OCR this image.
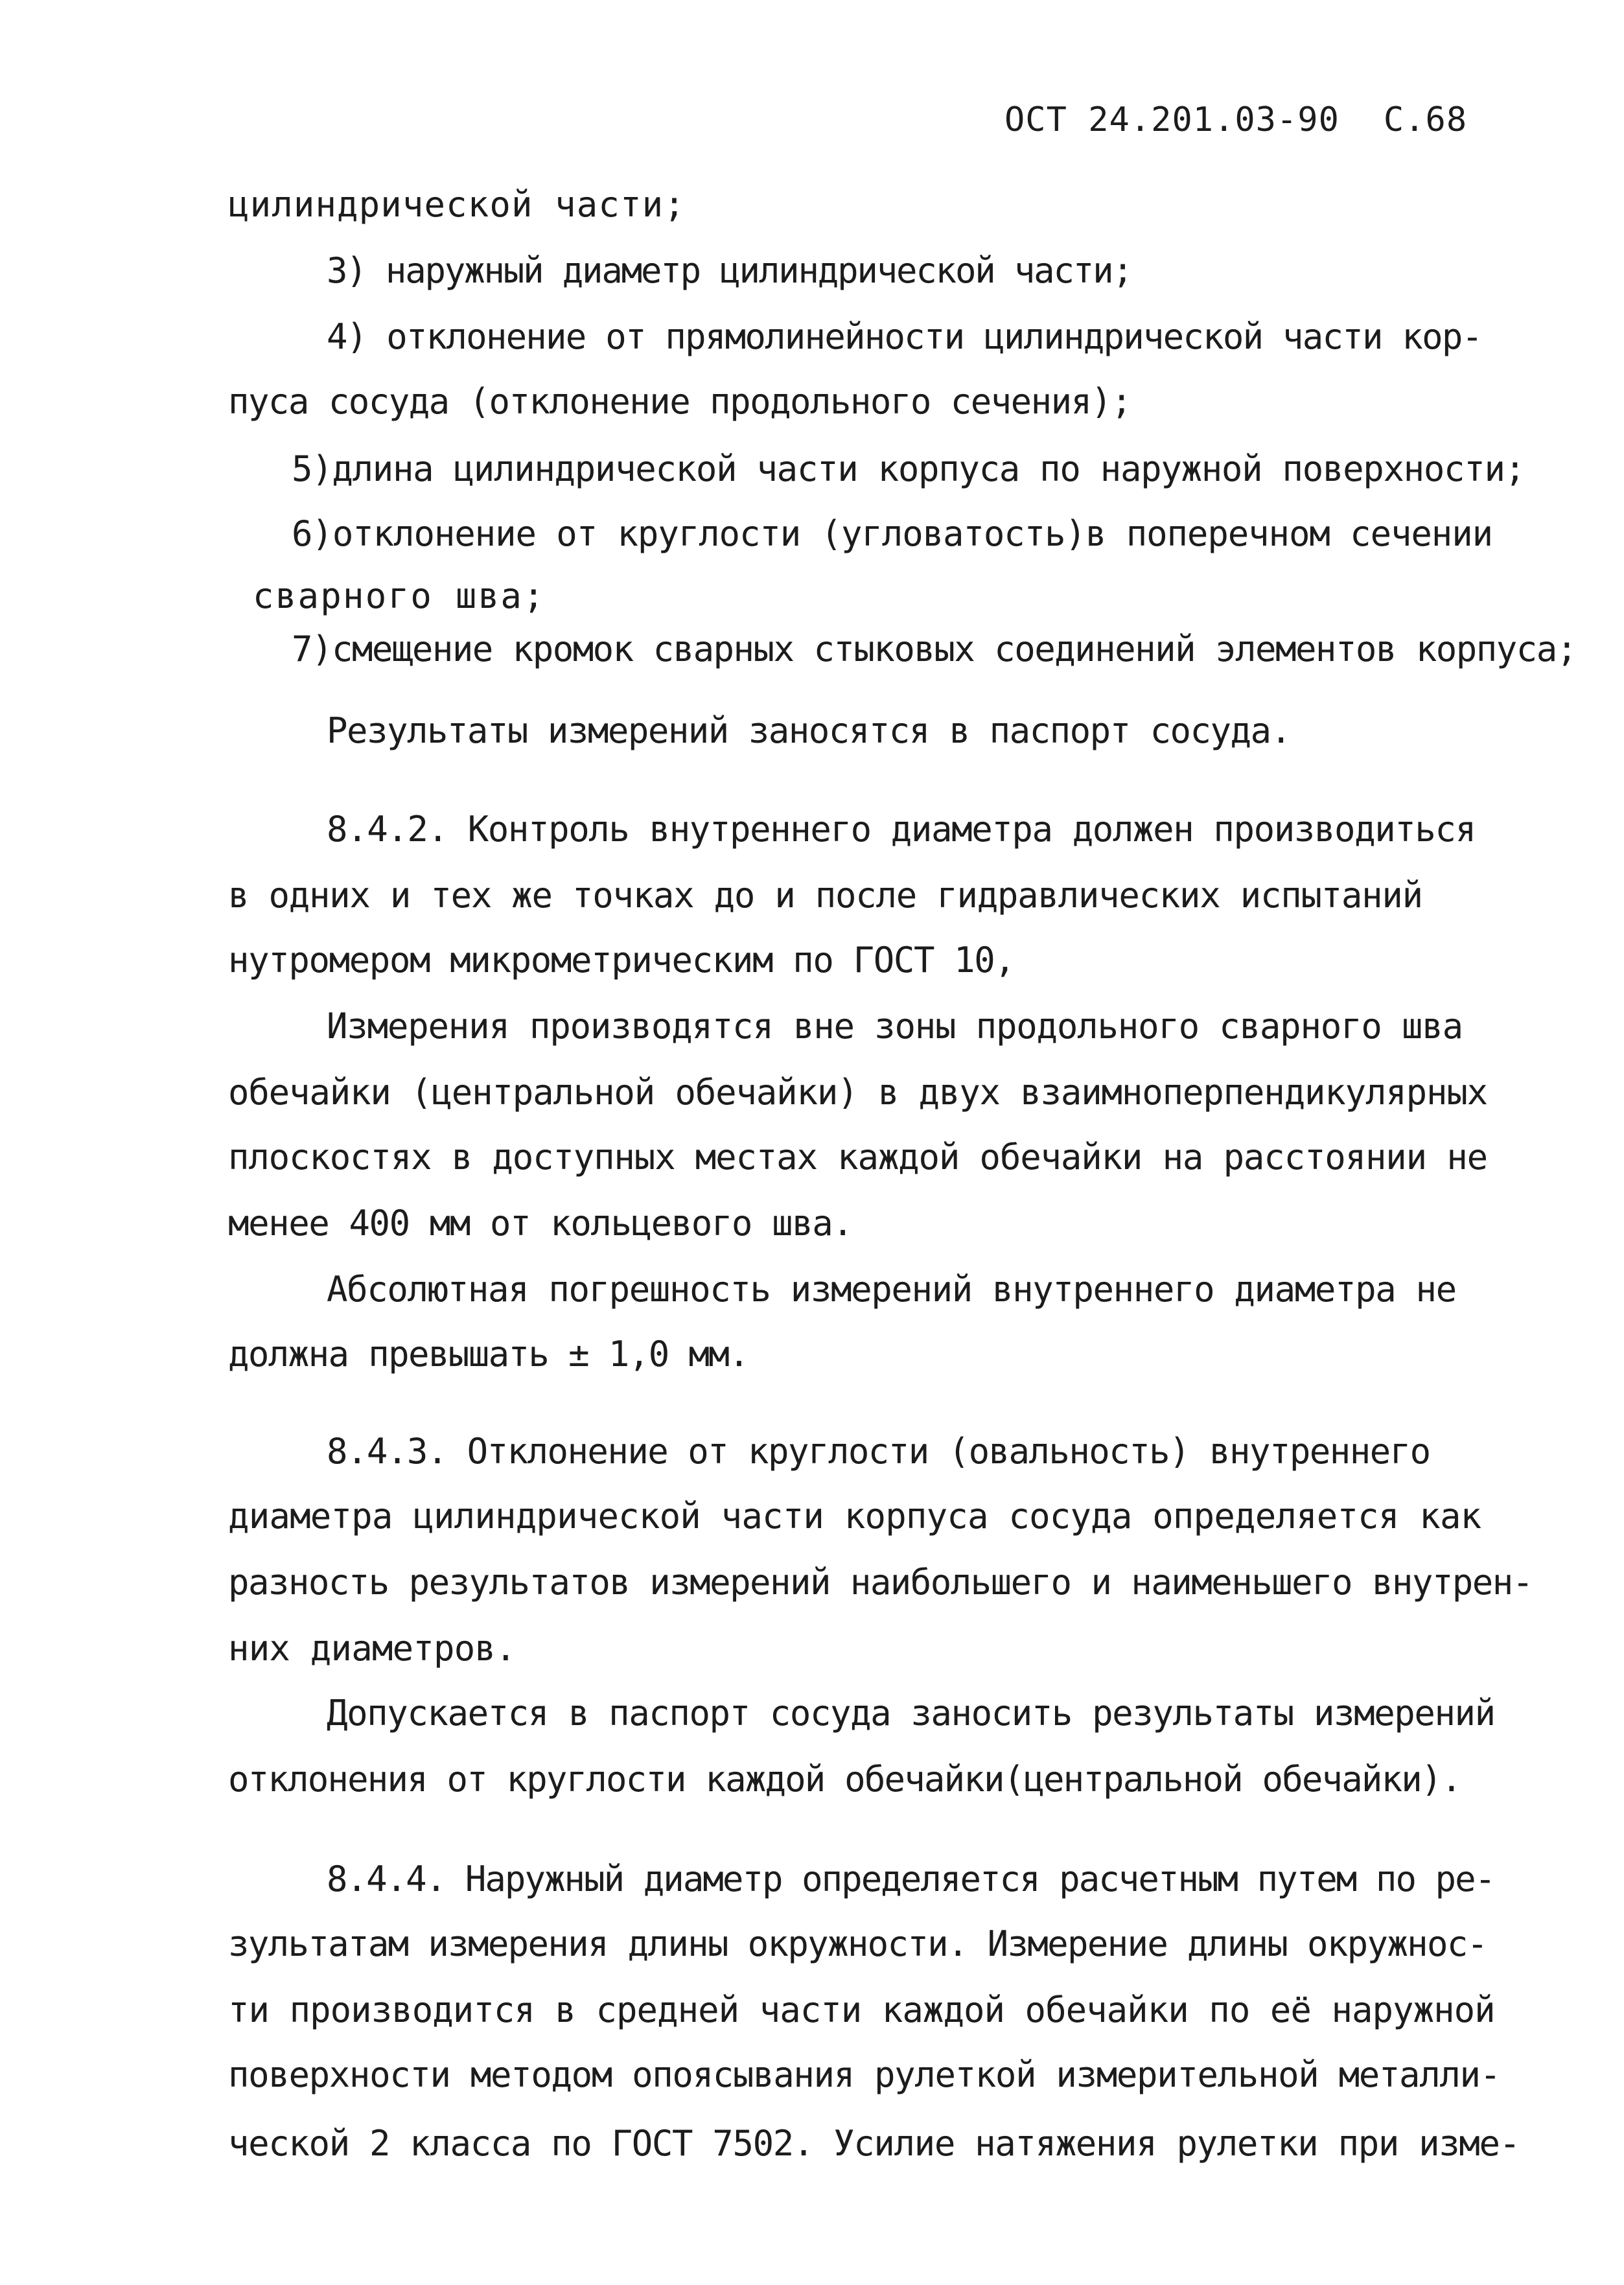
ОСТ 24.201.03-90 С.68
цилиндрической части;
3) наружный диаметр цилиндрической части;
4) отклонение от прямолинейности цилиндрической части кор-
пуса сосуда (отклонение продольного сечения);
5)длина цилиндрической части корпуса по наружной поверхности;
6)отклонение от круглости (угловатость)в поперечном сечении
сварного шва;
7)смещение кромок сварных стыковых соединений элементов корпуса;
Результаты измерений заносятся в паспорт сосуда.
8.4.2. Контроль внутреннего диаметра должен производиться
в одних и тех же точках до и после гидравлических испытаний
нутромером микрометрическим по ГОСТ 10,
Измерения производятся вне зоны продольного сварного шва
обечайки (центральной обечайки) в двух взаимноперпендикулярных
плоскостях в доступных местах каждой обечайки на расстоянии не
менее 400 мм от кольцевого шва.
Абсолютная погрешность измерений внутреннего диаметра не
должна превышать ± 1,0 мм.
8.4.3. Отклонение от круглости (овальность) внутреннего
диаметра цилиндрической части корпуса сосуда определяется как
разность результатов измерений наибольшего и наименьшего внутрен-
них диаметров.
Допускается в паспорт сосуда заносить результаты измерений
отклонения от круглости каждой обечайки(центральной обечайки).
8.4.4. Наружный диаметр определяется расчетным путем по ре-
зультатам измерения длины окружности. Измерение длины окружнос-
ти производится в средней части каждой обечайки по её наружной
поверхности методом опоясывания рулеткой измерительной металли-
ческой 2 класса по ГОСТ 7502. Усилие натяжения рулетки при изме-
